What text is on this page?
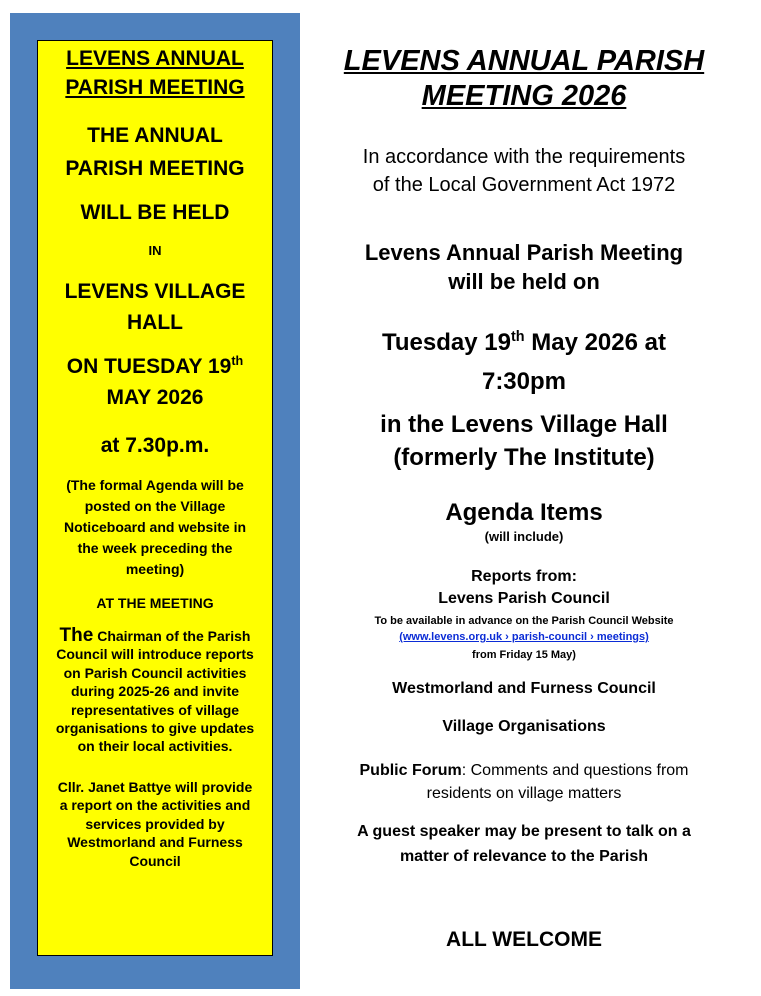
LEVENS ANNUAL
PARISH MEETING
THE ANNUAL
PARISH MEETING
WILL BE HELD
IN
LEVENS VILLAGE
HALL
ON TUESDAY 19th
MAY 2026
at 7.30p.m.
(The formal Agenda will be
posted on the Village
Noticeboard and website in
the week preceding the
meeting)
AT THE MEETING
The Chairman of the Parish
Council will introduce reports
on Parish Council activities
during 2025-26 and invite
representatives of village
organisations to give updates
on their local activities.
Cllr. Janet Battye will provide
a report on the activities and
services provided by
Westmorland and Furness
Council
LEVENS ANNUAL PARISH
MEETING 2026
In accordance with the requirements
of the Local Government Act 1972
Levens Annual Parish Meeting
will be held on
Tuesday 19th May 2026 at
7:30pm
in the Levens Village Hall
(formerly The Institute)
Agenda Items
(will include)
Reports from:
Levens Parish Council
To be available in advance on the Parish Council Website
(www.levens.org.uk › parish-council › meetings)
from Friday 15 May)
Westmorland and Furness Council
Village Organisations
Public Forum: Comments and questions from
residents on village matters
A guest speaker may be present to talk on a
matter of relevance to the Parish
ALL WELCOME
